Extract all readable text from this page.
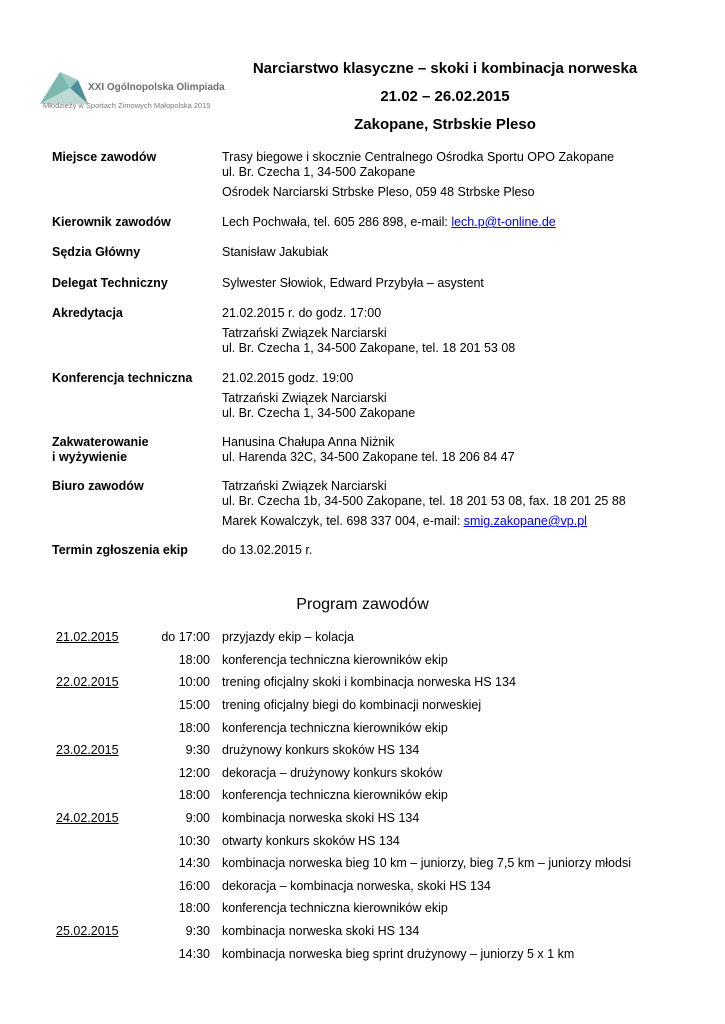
XXI Ogólnopolska Olimpiada
Młodzieży w Sportach Zimowych Małopolska 2015
Narciarstwo klasyczne – skoki i kombinacja norweska
21.02 – 26.02.2015
Zakopane, Strbskie Pleso
Miejsce zawodów	Trasy biegowe i skocznie Centralnego Ośrodka Sportu OPO Zakopane
ul. Br. Czecha 1, 34-500 Zakopane
Ośrodek Narciarski Strbske Pleso, 059 48 Strbske Pleso
Kierownik zawodów	Lech Pochwała, tel. 605 286 898, e-mail: lech.p@t-online.de
Sędzia Główny	Stanisław Jakubiak
Delegat Techniczny	Sylwester Słowiok, Edward Przybyła – asystent
Akredytacja	21.02.2015 r. do godz. 17:00
Tatrzański Związek Narciarski
ul. Br. Czecha 1, 34-500 Zakopane, tel. 18 201 53 08
Konferencja techniczna	21.02.2015 godz. 19:00
Tatrzański Związek Narciarski
ul. Br. Czecha 1, 34-500 Zakopane
Zakwaterowanie
i wyżywienie
Hanusina Chałupa Anna Niżnik
ul. Harenda 32C, 34-500 Zakopane tel. 18 206 84 47
Biuro zawodów	Tatrzański Związek Narciarski
ul. Br. Czecha 1b, 34-500 Zakopane, tel. 18 201 53 08, fax. 18 201 25 88
Marek Kowalczyk, tel. 698 337 004, e-mail: smig.zakopane@vp.pl
Termin zgłoszenia ekip	do 13.02.2015 r.
Program zawodów
21.02.2015	do 17:00 przyjazdy ekip – kolacja
18:00 konferencja techniczna kierowników ekip
22.02.2015	10:00 trening oficjalny skoki i kombinacja norweska HS 134
15:00 trening oficjalny biegi do kombinacji norweskiej
18:00 konferencja techniczna kierowników ekip
23.02.2015	9:30 drużynowy konkurs skoków HS 134
12:00 dekoracja – drużynowy konkurs skoków
18:00 konferencja techniczna kierowników ekip
24.02.2015	9:00 kombinacja norweska skoki HS 134
10:30 otwarty konkurs skoków HS 134
14:30 kombinacja norweska bieg 10 km – juniorzy, bieg 7,5 km – juniorzy młodsi
16:00 dekoracja – kombinacja norweska, skoki HS 134
18:00 konferencja techniczna kierowników ekip
25.02.2015	9:30 kombinacja norweska skoki HS 134
14:30 kombinacja norweska bieg sprint drużynowy – juniorzy 5 x 1 km
